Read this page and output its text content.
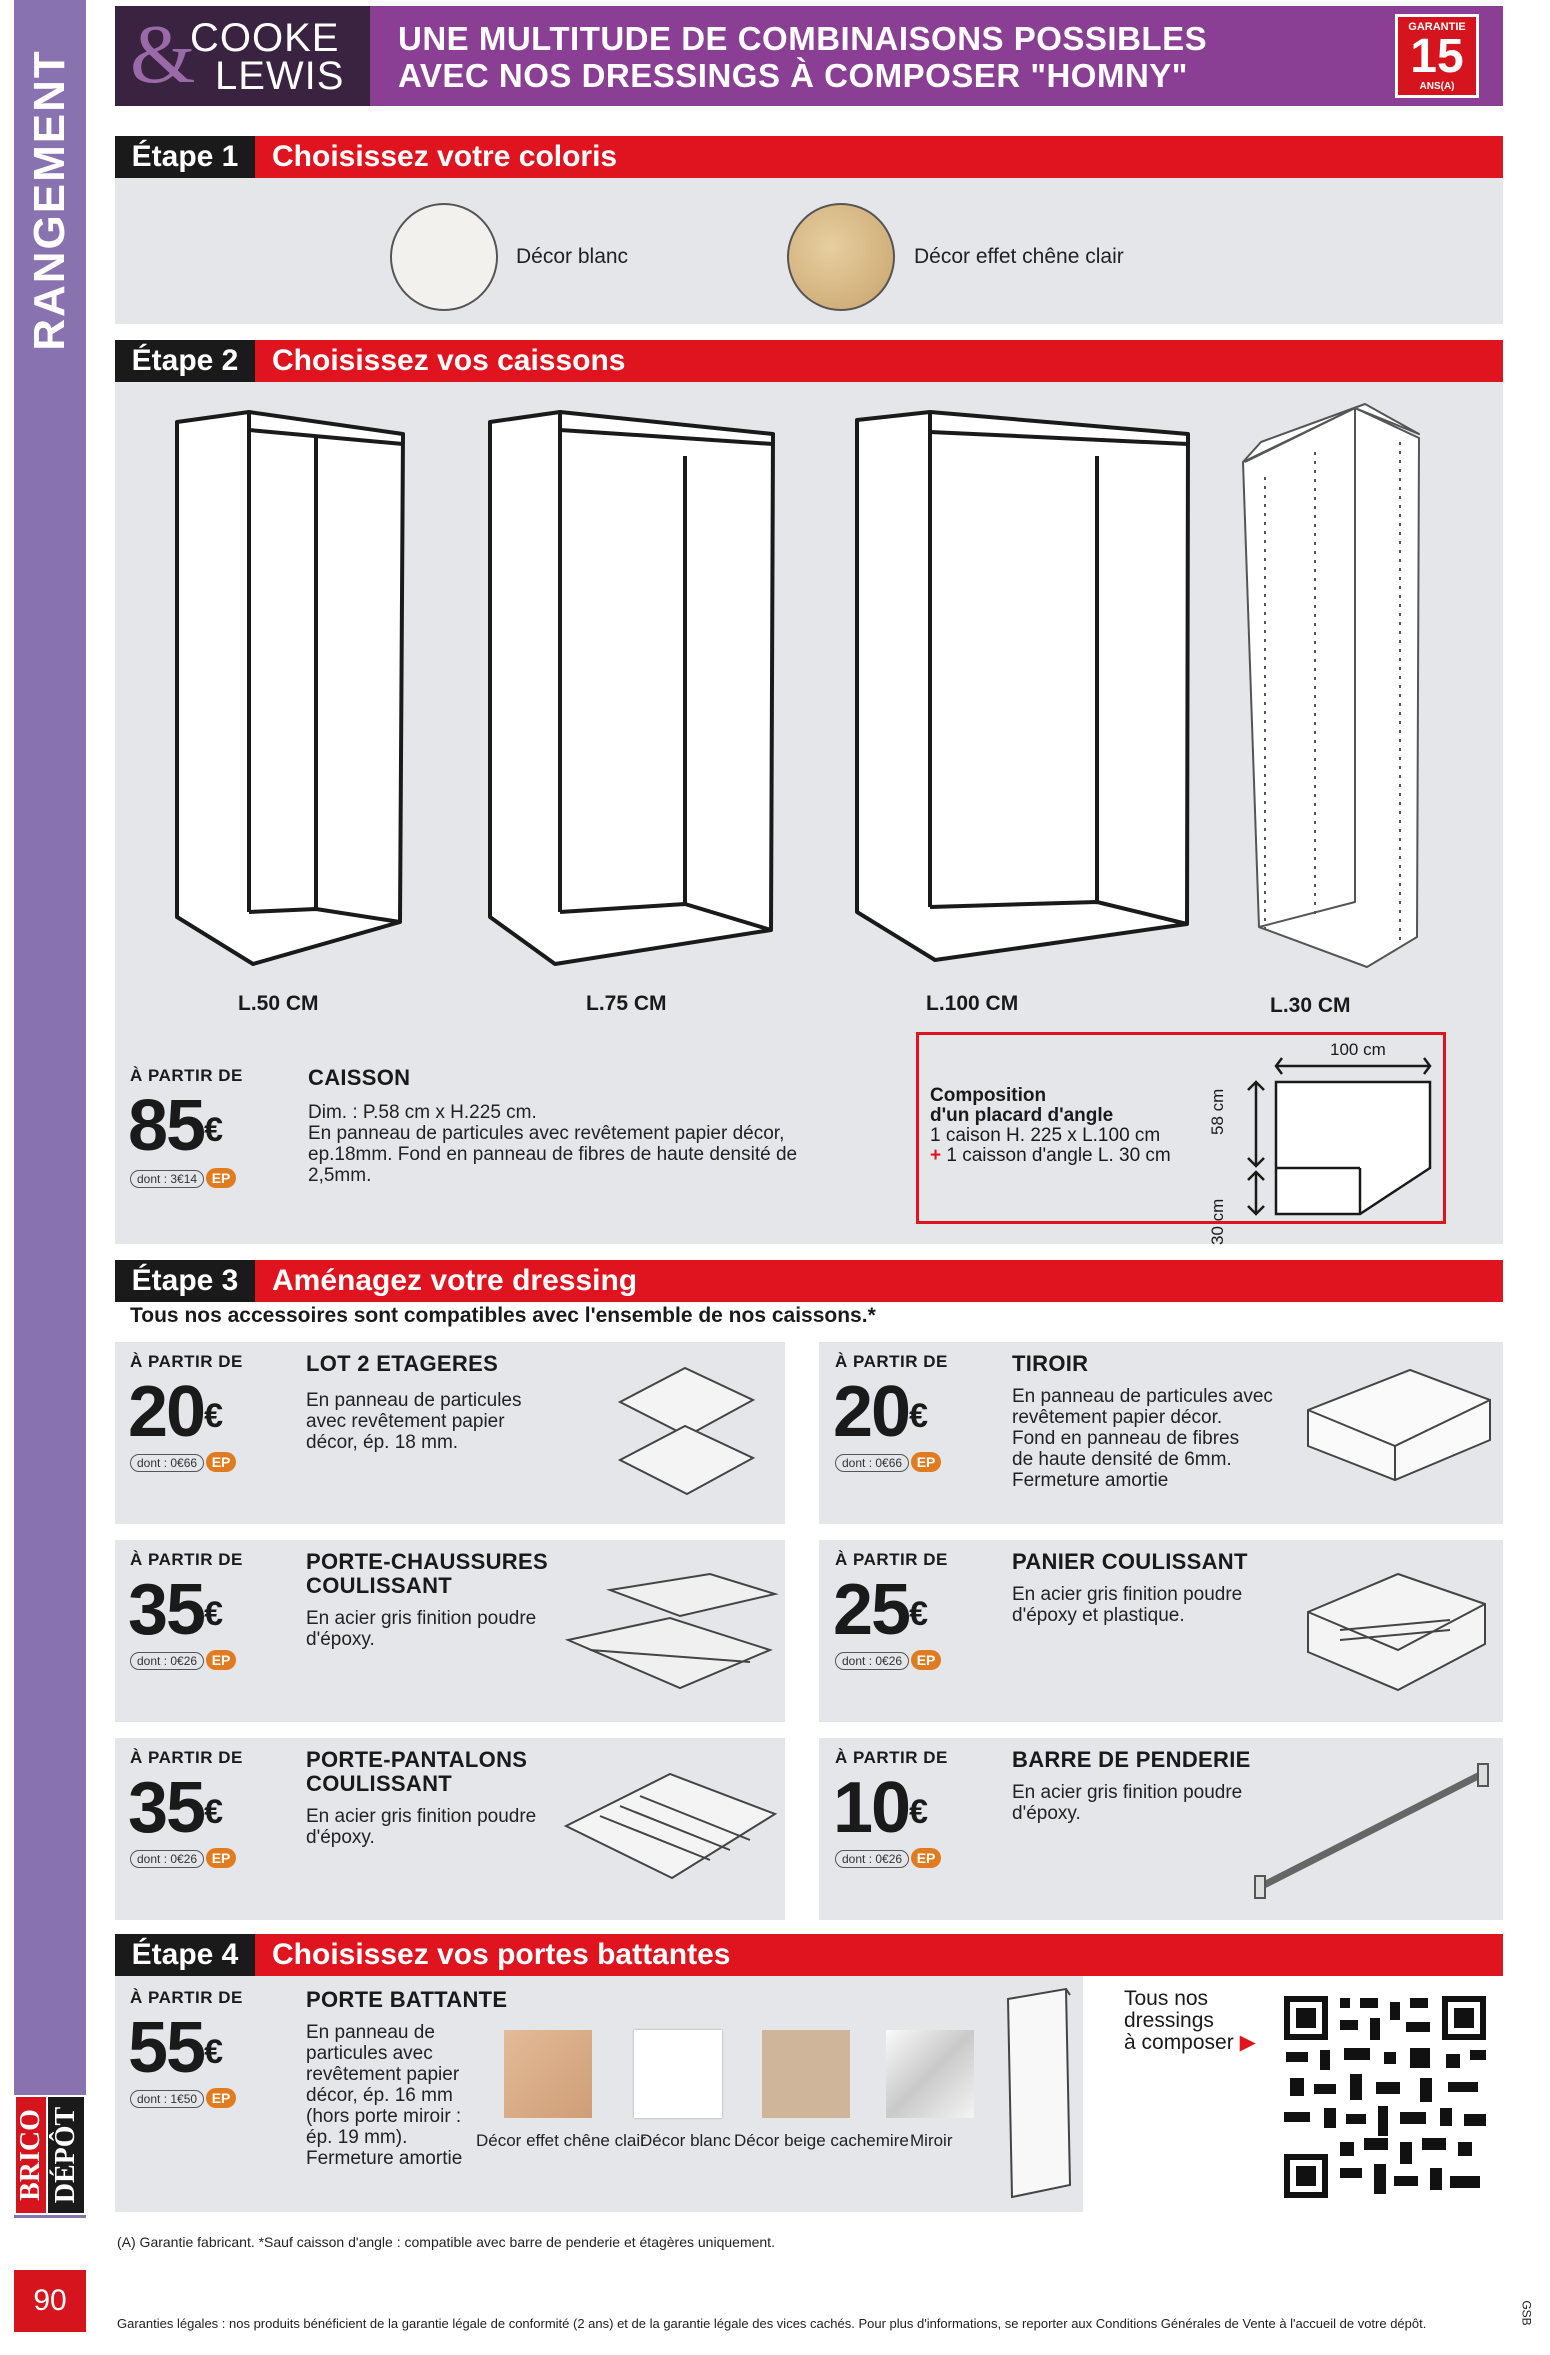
RANGEMENT
BRICO DÉPÔT
90
&
COOKE
LEWIS
UNE MULTITUDE DE COMBINAISONS POSSIBLES
AVEC NOS DRESSINGS À COMPOSER "HOMNY"
GARANTIE
15
ANS(A)
Étape 1	Choisissez votre coloris
Décor blanc	Décor effet chêne clair
Étape 2	Choisissez vos caissons
L.50 CM	L.75 CM	L.100 CM	L.30 CM
À PARTIR DE
85€
dont : 3€14 EP
CAISSON
Dim. : P.58 cm x H.225 cm.
En panneau de particules avec revêtement papier décor,
ep.18mm. Fond en panneau de fibres de haute densité de
2,5mm.
Composition
d'un placard d'angle
1 caison H. 225 x L.100 cm
+ 1 caisson d'angle L. 30 cm
100 cm
58 cm
30 cm
Étape 3	Aménagez votre dressing
Tous nos accessoires sont compatibles avec l'ensemble de nos caissons.*
À PARTIR DE
20€
dont : 0€66 EP
LOT 2 ETAGERES
En panneau de particules
avec revêtement papier
décor, ép. 18 mm.
À PARTIR DE
20€
dont : 0€66 EP
TIROIR
En panneau de particules avec
revêtement papier décor.
Fond en panneau de fibres
de haute densité de 6mm.
Fermeture amortie
À PARTIR DE
35€
dont : 0€26 EP
PORTE-CHAUSSURES
COULISSANT
En acier gris finition poudre
d'époxy.
À PARTIR DE
25€
dont : 0€26 EP
PANIER COULISSANT
En acier gris finition poudre
d'époxy et plastique.
À PARTIR DE
35€
dont : 0€26 EP
PORTE-PANTALONS
COULISSANT
En acier gris finition poudre
d'époxy.
À PARTIR DE
10€
dont : 0€26 EP
BARRE DE PENDERIE
En acier gris finition poudre
d'époxy.
Étape 4	Choisissez vos portes battantes
À PARTIR DE
55€
dont : 1€50 EP
PORTE BATTANTE
En panneau de
particules avec
revêtement papier
décor, ép. 16 mm
(hors porte miroir :
ép. 19 mm).
Fermeture amortie
Décor effet chêne clair
Décor blanc Décor beige cachemire Miroir
Tous nos
dressings
à composer ▶
(A) Garantie fabricant. *Sauf caisson d'angle : compatible avec barre de penderie et étagères uniquement.
Garanties légales : nos produits bénéficient de la garantie légale de conformité (2 ans) et de la garantie légale des vices cachés. Pour plus d'informations, se reporter aux Conditions Générales de Vente à l'accueil de votre dépôt.	GSB
